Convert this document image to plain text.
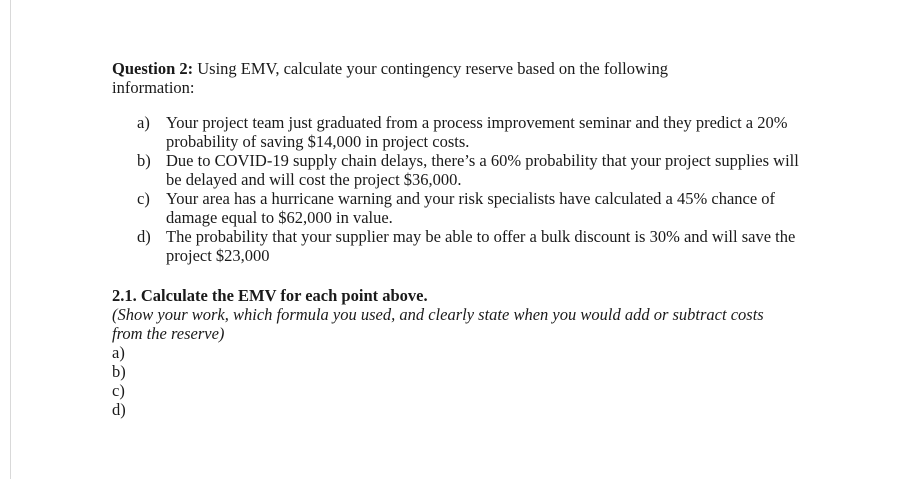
Question 2: Using EMV, calculate your contingency reserve based on the following information:

a) Your project team just graduated from a process improvement seminar and they predict a 20% probability of saving $14,000 in project costs.
b) Due to COVID-19 supply chain delays, there’s a 60% probability that your project supplies will be delayed and will cost the project $36,000.
c) Your area has a hurricane warning and your risk specialists have calculated a 45% chance of damage equal to $62,000 in value.
d) The probability that your supplier may be able to offer a bulk discount is 30% and will save the project $23,000

2.1. Calculate the EMV for each point above.

(Show your work, which formula you used, and clearly state when you would add or subtract costs from the reserve)

a)
b)
c)
d)
